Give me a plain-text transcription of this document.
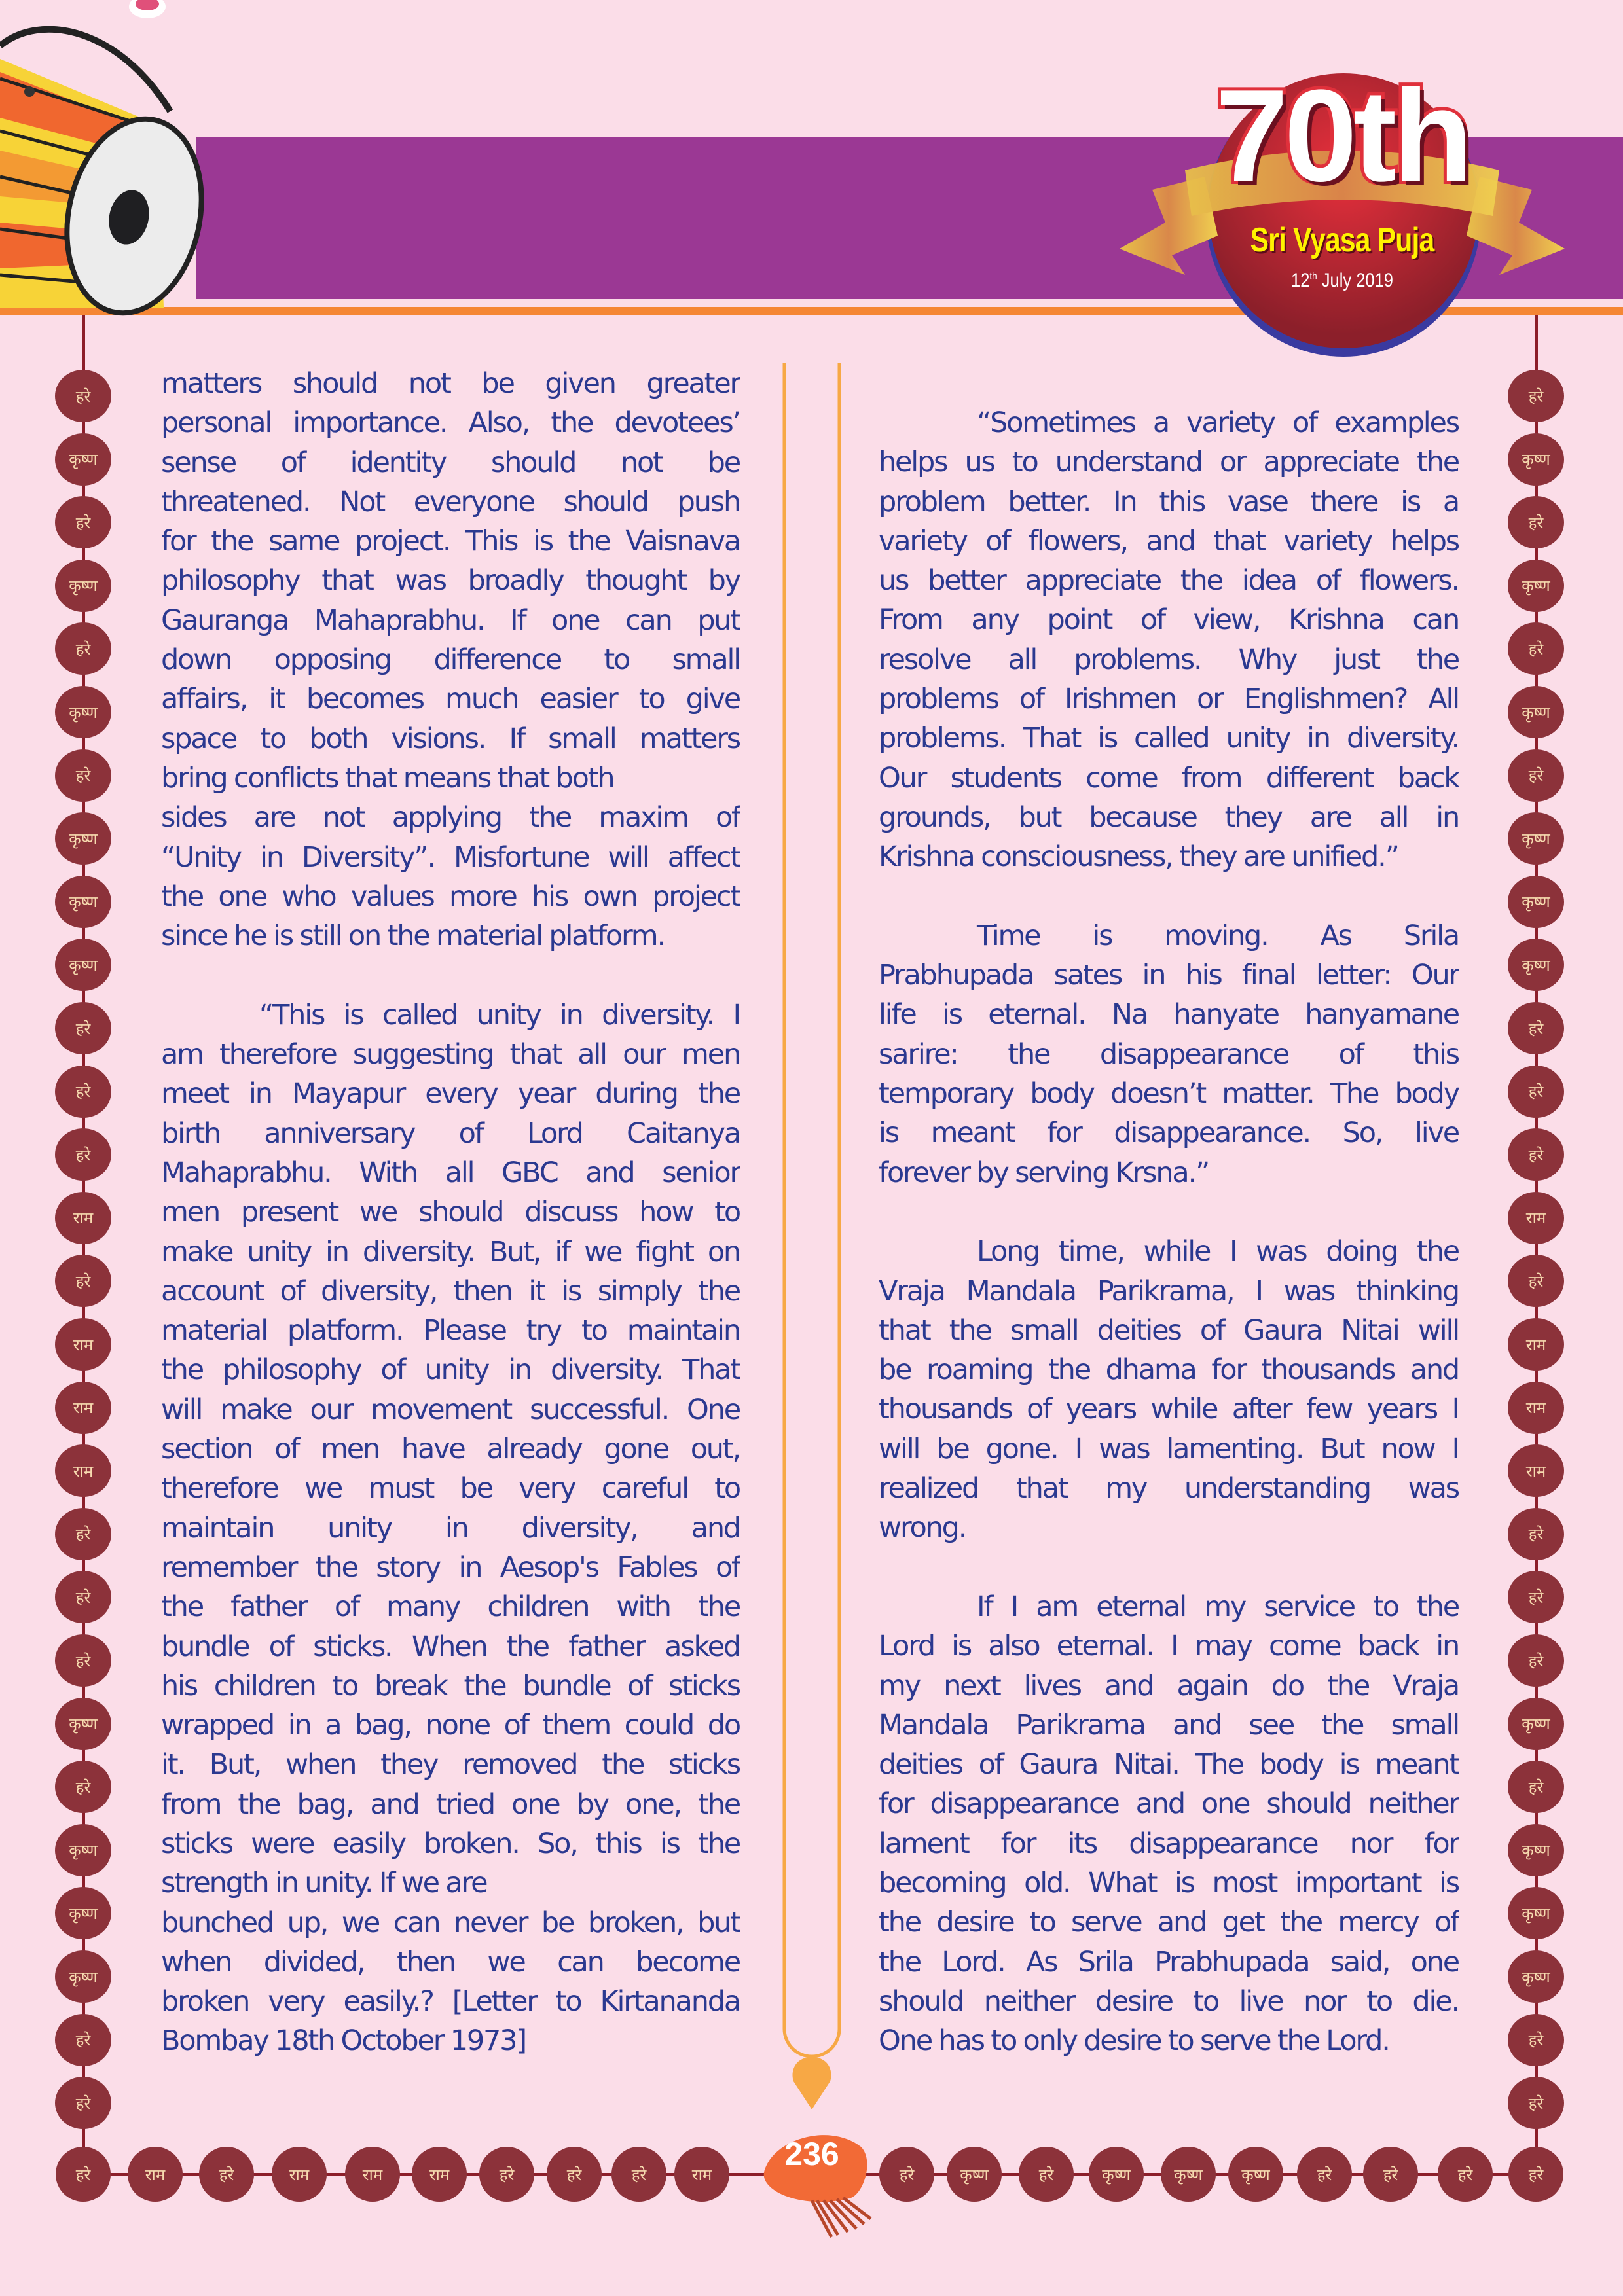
70th
Sri Vyasa Puja
12th July 2019
हरे
कृष्ण
हरे
कृष्ण
हरे
कृष्ण
हरे
कृष्ण
कृष्ण
कृष्ण
हरे
हरे
हरे
राम
हरे
राम
राम
राम
हरे
हरे
हरे
कृष्ण
हरे
कृष्ण
कृष्ण
कृष्ण
हरे
हरे
हरे
कृष्ण
हरे
कृष्ण
हरे
कृष्ण
हरे
कृष्ण
कृष्ण
कृष्ण
हरे
हरे
हरे
राम
हरे
राम
राम
राम
हरे
हरे
हरे
कृष्ण
हरे
कृष्ण
कृष्ण
कृष्ण
हरे
हरे
हरे	राम	हरे	राम	राम	राम	हरे	हरे	हरे	राम	हरे	कृष्ण	हरे	कृष्ण	कृष्ण	कृष्ण	हरे	हरे	हरे	हरे
matters should not be given greater
personal importance. Also, the devotees’
sense of identity should not be
threatened. Not everyone should push
for the same project. This is the Vaisnava
philosophy that was broadly thought by
Gauranga Mahaprabhu. If one can put
down opposing difference to small
affairs, it becomes much easier to give
space to both visions. If small matters
bring conflicts that means that both
sides are not applying the maxim of
“Unity in Diversity”. Misfortune will affect
the one who values more his own project
since he is still on the material platform.
“This is called unity in diversity. I
am therefore suggesting that all our men
meet in Mayapur every year during the
birth anniversary of Lord Caitanya
Mahaprabhu. With all GBC and senior
men present we should discuss how to
make unity in diversity. But, if we fight on
account of diversity, then it is simply the
material platform. Please try to maintain
the philosophy of unity in diversity. That
will make our movement successful. One
section of men have already gone out,
therefore we must be very careful to
maintain unity in diversity, and
remember the story in Aesop's Fables of
the father of many children with the
bundle of sticks. When the father asked
his children to break the bundle of sticks
wrapped in a bag, none of them could do
it. But, when they removed the sticks
from the bag, and tried one by one, the
sticks were easily broken. So, this is the
strength in unity. If we are
bunched up, we can never be broken, but
when divided, then we can become
broken very easily.? [Letter to Kirtananda
Bombay 18th October 1973]
“Sometimes a variety of examples
helps us to understand or appreciate the
problem better. In this vase there is a
variety of flowers, and that variety helps
us better appreciate the idea of flowers.
From any point of view, Krishna can
resolve all problems. Why just the
problems of Irishmen or Englishmen? All
problems. That is called unity in diversity.
Our students come from different back
grounds, but because they are all in
Krishna consciousness, they are unified.”
Time is moving. As Srila
Prabhupada sates in his final letter: Our
life is eternal. Na hanyate hanyamane
sarire: the disappearance of this
temporary body doesn’t matter. The body
is meant for disappearance. So, live
forever by serving Krsna.”
Long time, while I was doing the
Vraja Mandala Parikrama, I was thinking
that the small deities of Gaura Nitai will
be roaming the dhama for thousands and
thousands of years while after few years I
will be gone. I was lamenting. But now I
realized that my understanding was
wrong.
If I am eternal my service to the
Lord is also eternal. I may come back in
my next lives and again do the Vraja
Mandala Parikrama and see the small
deities of Gaura Nitai. The body is meant
for disappearance and one should neither
lament for its disappearance nor for
becoming old. What is most important is
the desire to serve and get the mercy of
the Lord. As Srila Prabhupada said, one
should neither desire to live nor to die.
One has to only desire to serve the Lord.
236
